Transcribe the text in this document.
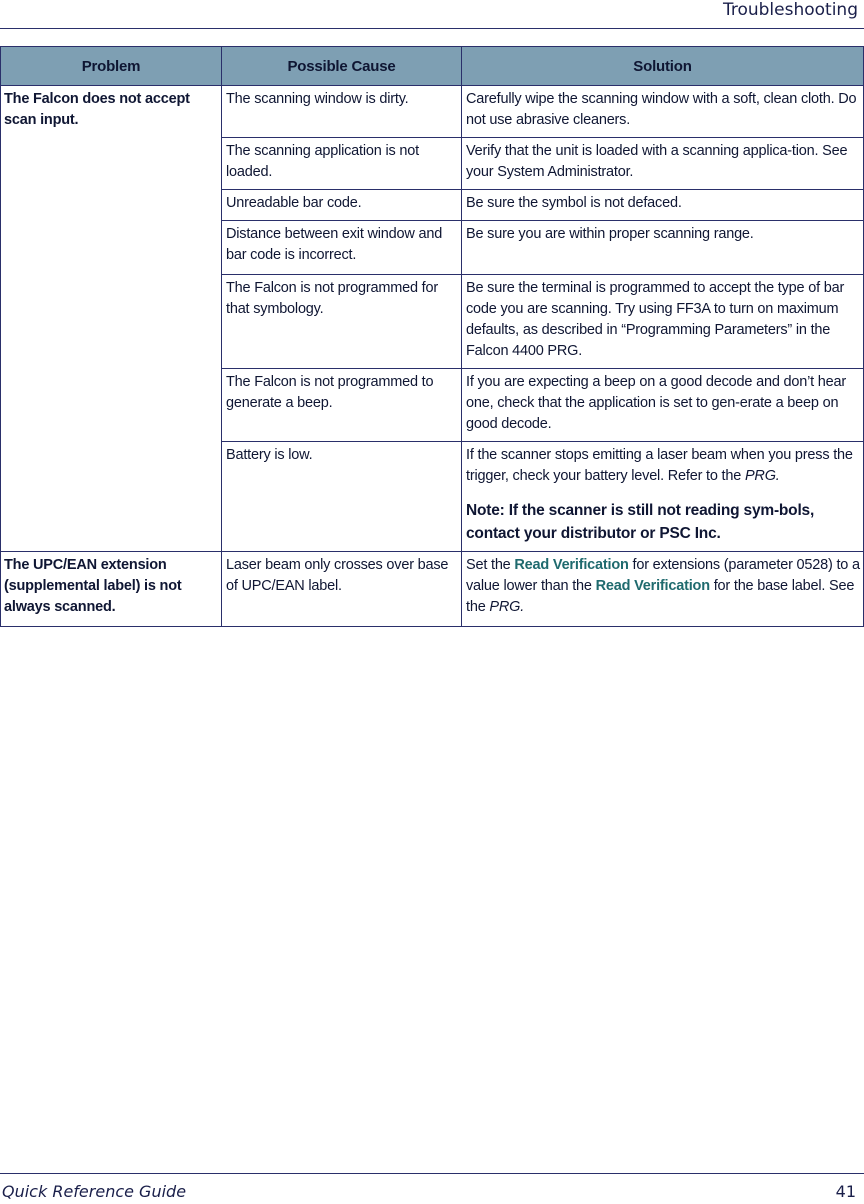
Troubleshooting
Problem	Possible Cause	Solution
The Falcon does not accept scan input.	The scanning window is dirty.	Carefully wipe the scanning window with a soft, clean cloth. Do not use abrasive cleaners.
	The scanning application is not loaded.	Verify that the unit is loaded with a scanning applica-tion. See your System Administrator.
	Unreadable bar code.	Be sure the symbol is not defaced.
	Distance between exit window and bar code is incorrect.	Be sure you are within proper scanning range.
	The Falcon is not programmed for that symbology.	Be sure the terminal is programmed to accept the type of bar code you are scanning. Try using FF3A to turn on maximum defaults, as described in “Programming Parameters” in the Falcon 4400 PRG.
	The Falcon is not programmed to generate a beep.	If you are expecting a beep on a good decode and don’t hear one, check that the application is set to gen-erate a beep on good decode.
	Battery is low.	If the scanner stops emitting a laser beam when you press the trigger, check your battery level. Refer to the PRG.
Note: If the scanner is still not reading sym-bols, contact your distributor or PSC Inc.

The UPC/EAN extension (supplemental label) is not always scanned.	Laser beam only crosses over base of UPC/EAN label.	Set the Read Verification for extensions (parameter 0528) to a value lower than the Read Verification for the base label. See the PRG.
Quick Reference Guide	41
